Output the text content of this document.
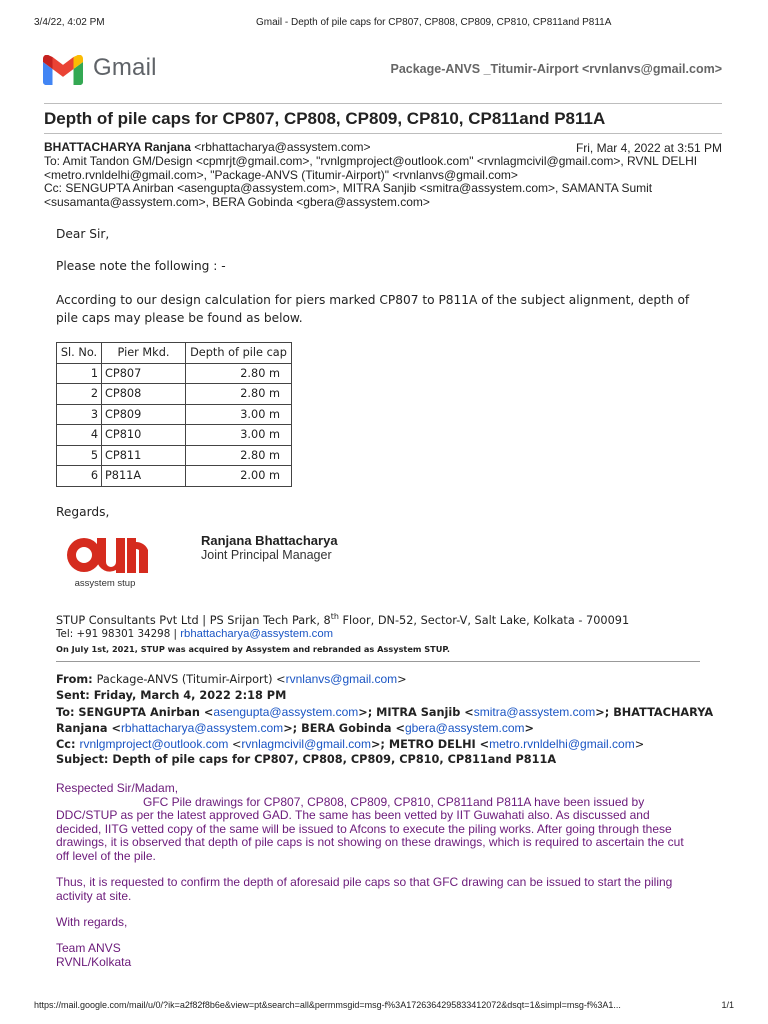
3/4/22, 4:02 PM	Gmail - Depth of pile caps for CP807, CP808, CP809, CP810, CP811and P811A
Gmail	Package-ANVS _Titumir-Airport <rvnlanvs@gmail.com>
Depth of pile caps for CP807, CP808, CP809, CP810, CP811and P811A
BHATTACHARYA Ranjana <rbhattacharya@assystem.com>	Fri, Mar 4, 2022 at 3:51 PM
To: Amit Tandon GM/Design <cpmrjt@gmail.com>, "rvnlgmproject@outlook.com" <rvnlagmcivil@gmail.com>, RVNL DELHI
<metro.rvnldelhi@gmail.com>, "Package-ANVS (Titumir-Airport)" <rvnlanvs@gmail.com>
Cc: SENGUPTA Anirban <asengupta@assystem.com>, MITRA Sanjib <smitra@assystem.com>, SAMANTA Sumit
<susamanta@assystem.com>, BERA Gobinda <gbera@assystem.com>
Dear Sir,
Please note the following : -
According to our design calculation for piers marked CP807 to P811A of the subject alignment, depth of
pile caps may please be found as below.
Sl. No.	Pier Mkd.	Depth of pile cap
1	CP807	2.80 m
2	CP808	2.80 m
3	CP809	3.00 m
4	CP810	3.00 m
5	CP811	2.80 m
6	P811A	2.00 m
Regards,
assystem stup
Ranjana Bhattacharya
Joint Principal Manager
STUP Consultants Pvt Ltd | PS Srijan Tech Park, 8th Floor, DN-52, Sector-V, Salt Lake, Kolkata - 700091
Tel: +91 98301 34298 | rbhattacharya@assystem.com
On July 1st, 2021, STUP was acquired by Assystem and rebranded as Assystem STUP.
From: Package-ANVS (Titumir-Airport) <rvnlanvs@gmail.com>
Sent: Friday, March 4, 2022 2:18 PM
To: SENGUPTA Anirban <asengupta@assystem.com>; MITRA Sanjib <smitra@assystem.com>; BHATTACHARYA
Ranjana <rbhattacharya@assystem.com>; BERA Gobinda <gbera@assystem.com>
Cc: rvnlgmproject@outlook.com <rvnlagmcivil@gmail.com>; METRO DELHI <metro.rvnldelhi@gmail.com>
Subject: Depth of pile caps for CP807, CP808, CP809, CP810, CP811and P811A
Respected Sir/Madam,
GFC Pile drawings for CP807, CP808, CP809, CP810, CP811and P811A have been issued by
DDC/STUP as per the latest approved GAD. The same has been vetted by IIT Guwahati also. As discussed and
decided, IITG vetted copy of the same will be issued to Afcons to execute the piling works. After going through these
drawings, it is observed that depth of pile caps is not showing on these drawings, which is required to ascertain the cut
off level of the pile.
Thus, it is requested to confirm the depth of aforesaid pile caps so that GFC drawing can be issued to start the piling
activity at site.
With regards,
Team ANVS
RVNL/Kolkata
https://mail.google.com/mail/u/0/?ik=a2f82f8b6e&view=pt&search=all&permmsgid=msg-f%3A1726364295833412072&dsqt=1&simpl=msg-f%3A1...	1/1
